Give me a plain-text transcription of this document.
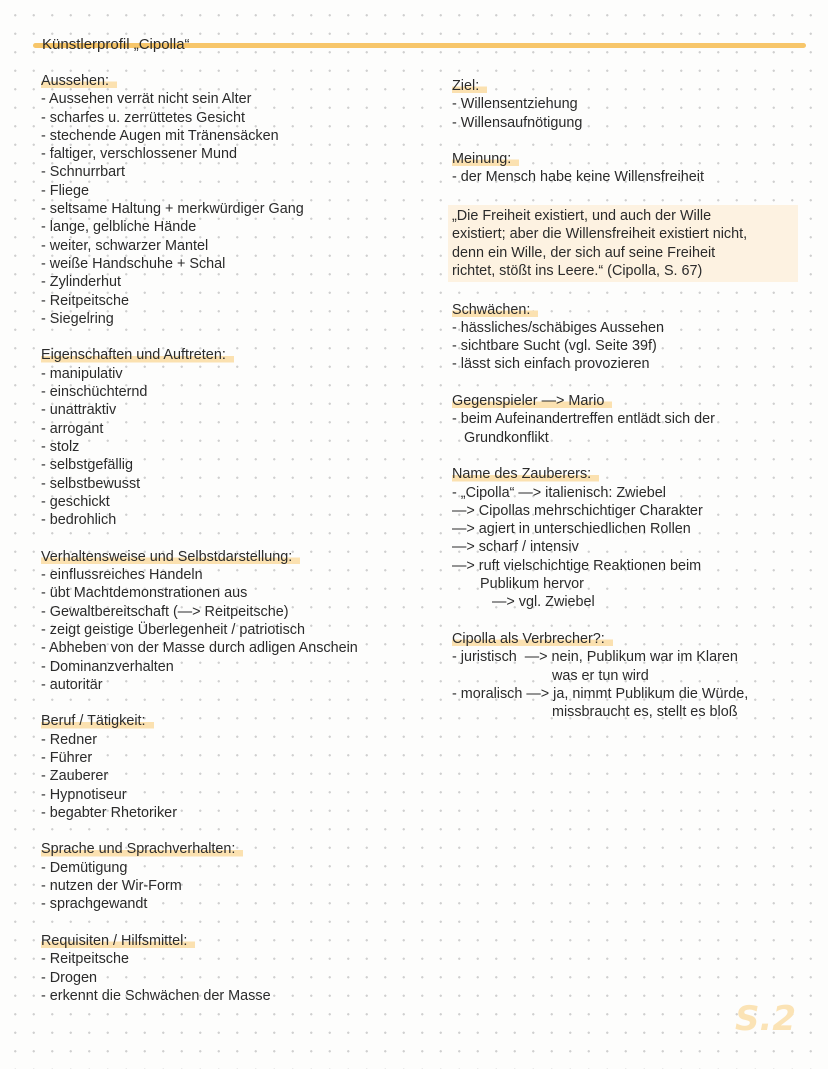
Künstlerprofil „Cipolla“
Aussehen:
- Aussehen verrät nicht sein Alter
- scharfes u. zerrüttetes Gesicht
- stechende Augen mit Tränensäcken
- faltiger, verschlossener Mund
- Schnurrbart
- Fliege
- seltsame Haltung + merkwürdiger Gang
- lange, gelbliche Hände
- weiter, schwarzer Mantel
- weiße Handschuhe + Schal
- Zylinderhut
- Reitpeitsche
- Siegelring
Eigenschaften und Auftreten:
- manipulativ
- einschüchternd
- unattraktiv
- arrogant
- stolz
- selbstgefällig
- selbstbewusst
- geschickt
- bedrohlich
Verhaltensweise und Selbstdarstellung:
- einflussreiches Handeln
- übt Machtdemonstrationen aus
- Gewaltbereitschaft (—> Reitpeitsche)
- zeigt geistige Überlegenheit / patriotisch
- Abheben von der Masse durch adligen Anschein
- Dominanzverhalten
- autoritär
Beruf / Tätigkeit:
- Redner
- Führer
- Zauberer
- Hypnotiseur
- begabter Rhetoriker
Sprache und Sprachverhalten:
- Demütigung
- nutzen der Wir-Form
- sprachgewandt
Requisiten / Hilfsmittel:
- Reitpeitsche
- Drogen
- erkennt die Schwächen der Masse
Ziel:
- Willensentziehung
- Willensaufnötigung
Meinung:
- der Mensch habe keine Willensfreiheit
„Die Freiheit existiert, und auch der Wille
existiert; aber die Willensfreiheit existiert nicht,
denn ein Wille, der sich auf seine Freiheit
richtet, stößt ins Leere.“ (Cipolla, S. 67)
Schwächen:
- hässliches/schäbiges Aussehen
- sichtbare Sucht (vgl. Seite 39f)
- lässt sich einfach provozieren
Gegenspieler —> Mario
- beim Aufeinandertreffen entlädt sich der
Grundkonflikt
Name des Zauberers:
- „Cipolla“ —> italienisch: Zwiebel
—> Cipollas mehrschichtiger Charakter
—> agiert in unterschiedlichen Rollen
—> scharf / intensiv
—> ruft vielschichtige Reaktionen beim
Publikum hervor
—> vgl. Zwiebel
Cipolla als Verbrecher?:
- juristisch  —> nein, Publikum war im Klaren
was er tun wird
- moralisch —> ja, nimmt Publikum die Würde,
missbraucht es, stellt es bloß
S.2
